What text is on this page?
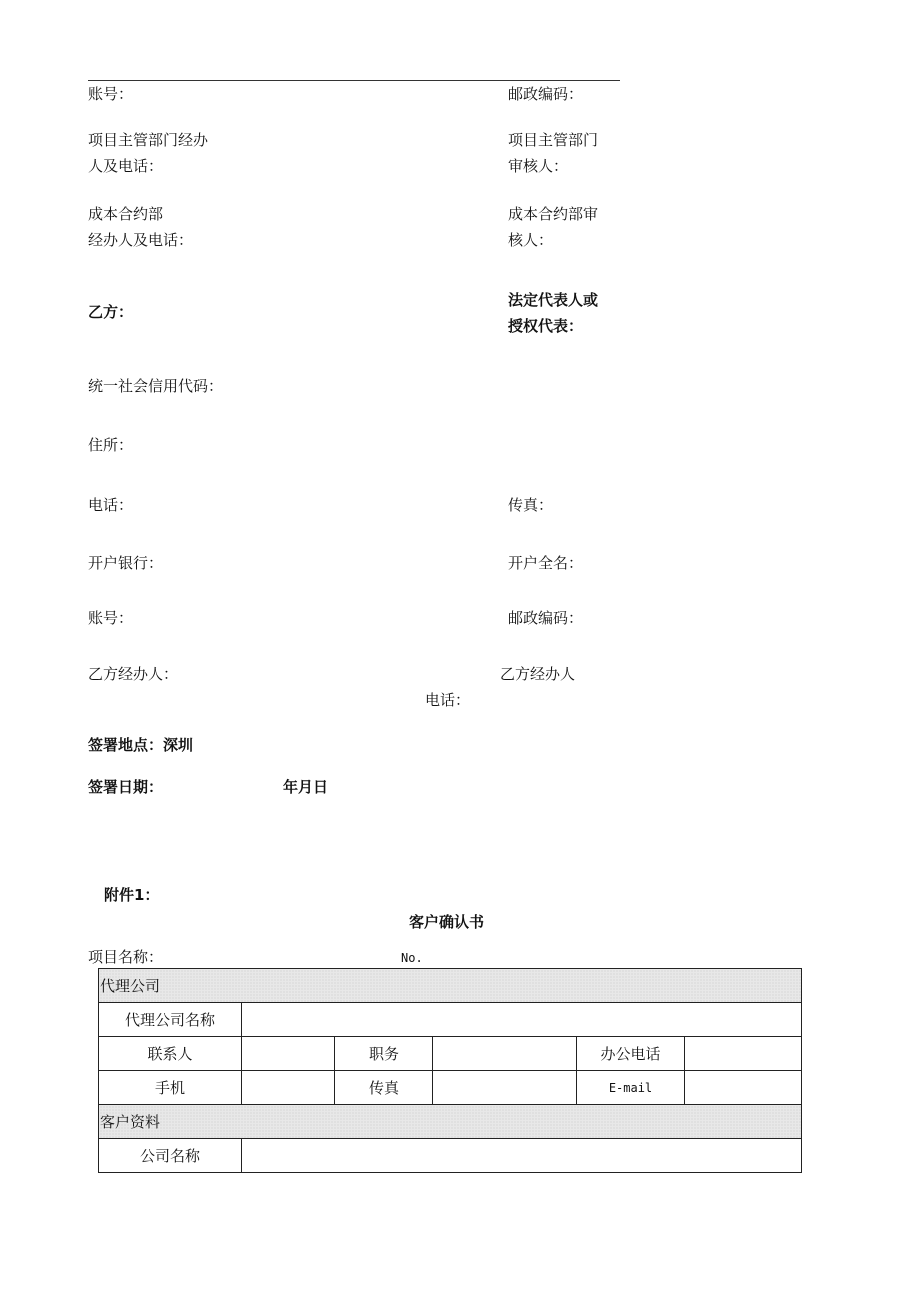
账号：	邮政编码：
项目主管部门经办
人及电话：
项目主管部门
审核人：
成本合约部
经办人及电话：
成本合约部审
核人：
乙方：
法定代表人或
授权代表：
统一社会信用代码：
住所：
电话：	传真：
开户银行：	开户全名：
账号：	邮政编码：
乙方经办人：	乙方经办人
电话：
签署地点：深圳
签署日期：	年月日
附件1：
客户确认书
项目名称：	No.
代理公司					
代理公司名称					
联系人		职务		办公电话	
手机		传真		E-mail	
客户资料					
公司名称					
